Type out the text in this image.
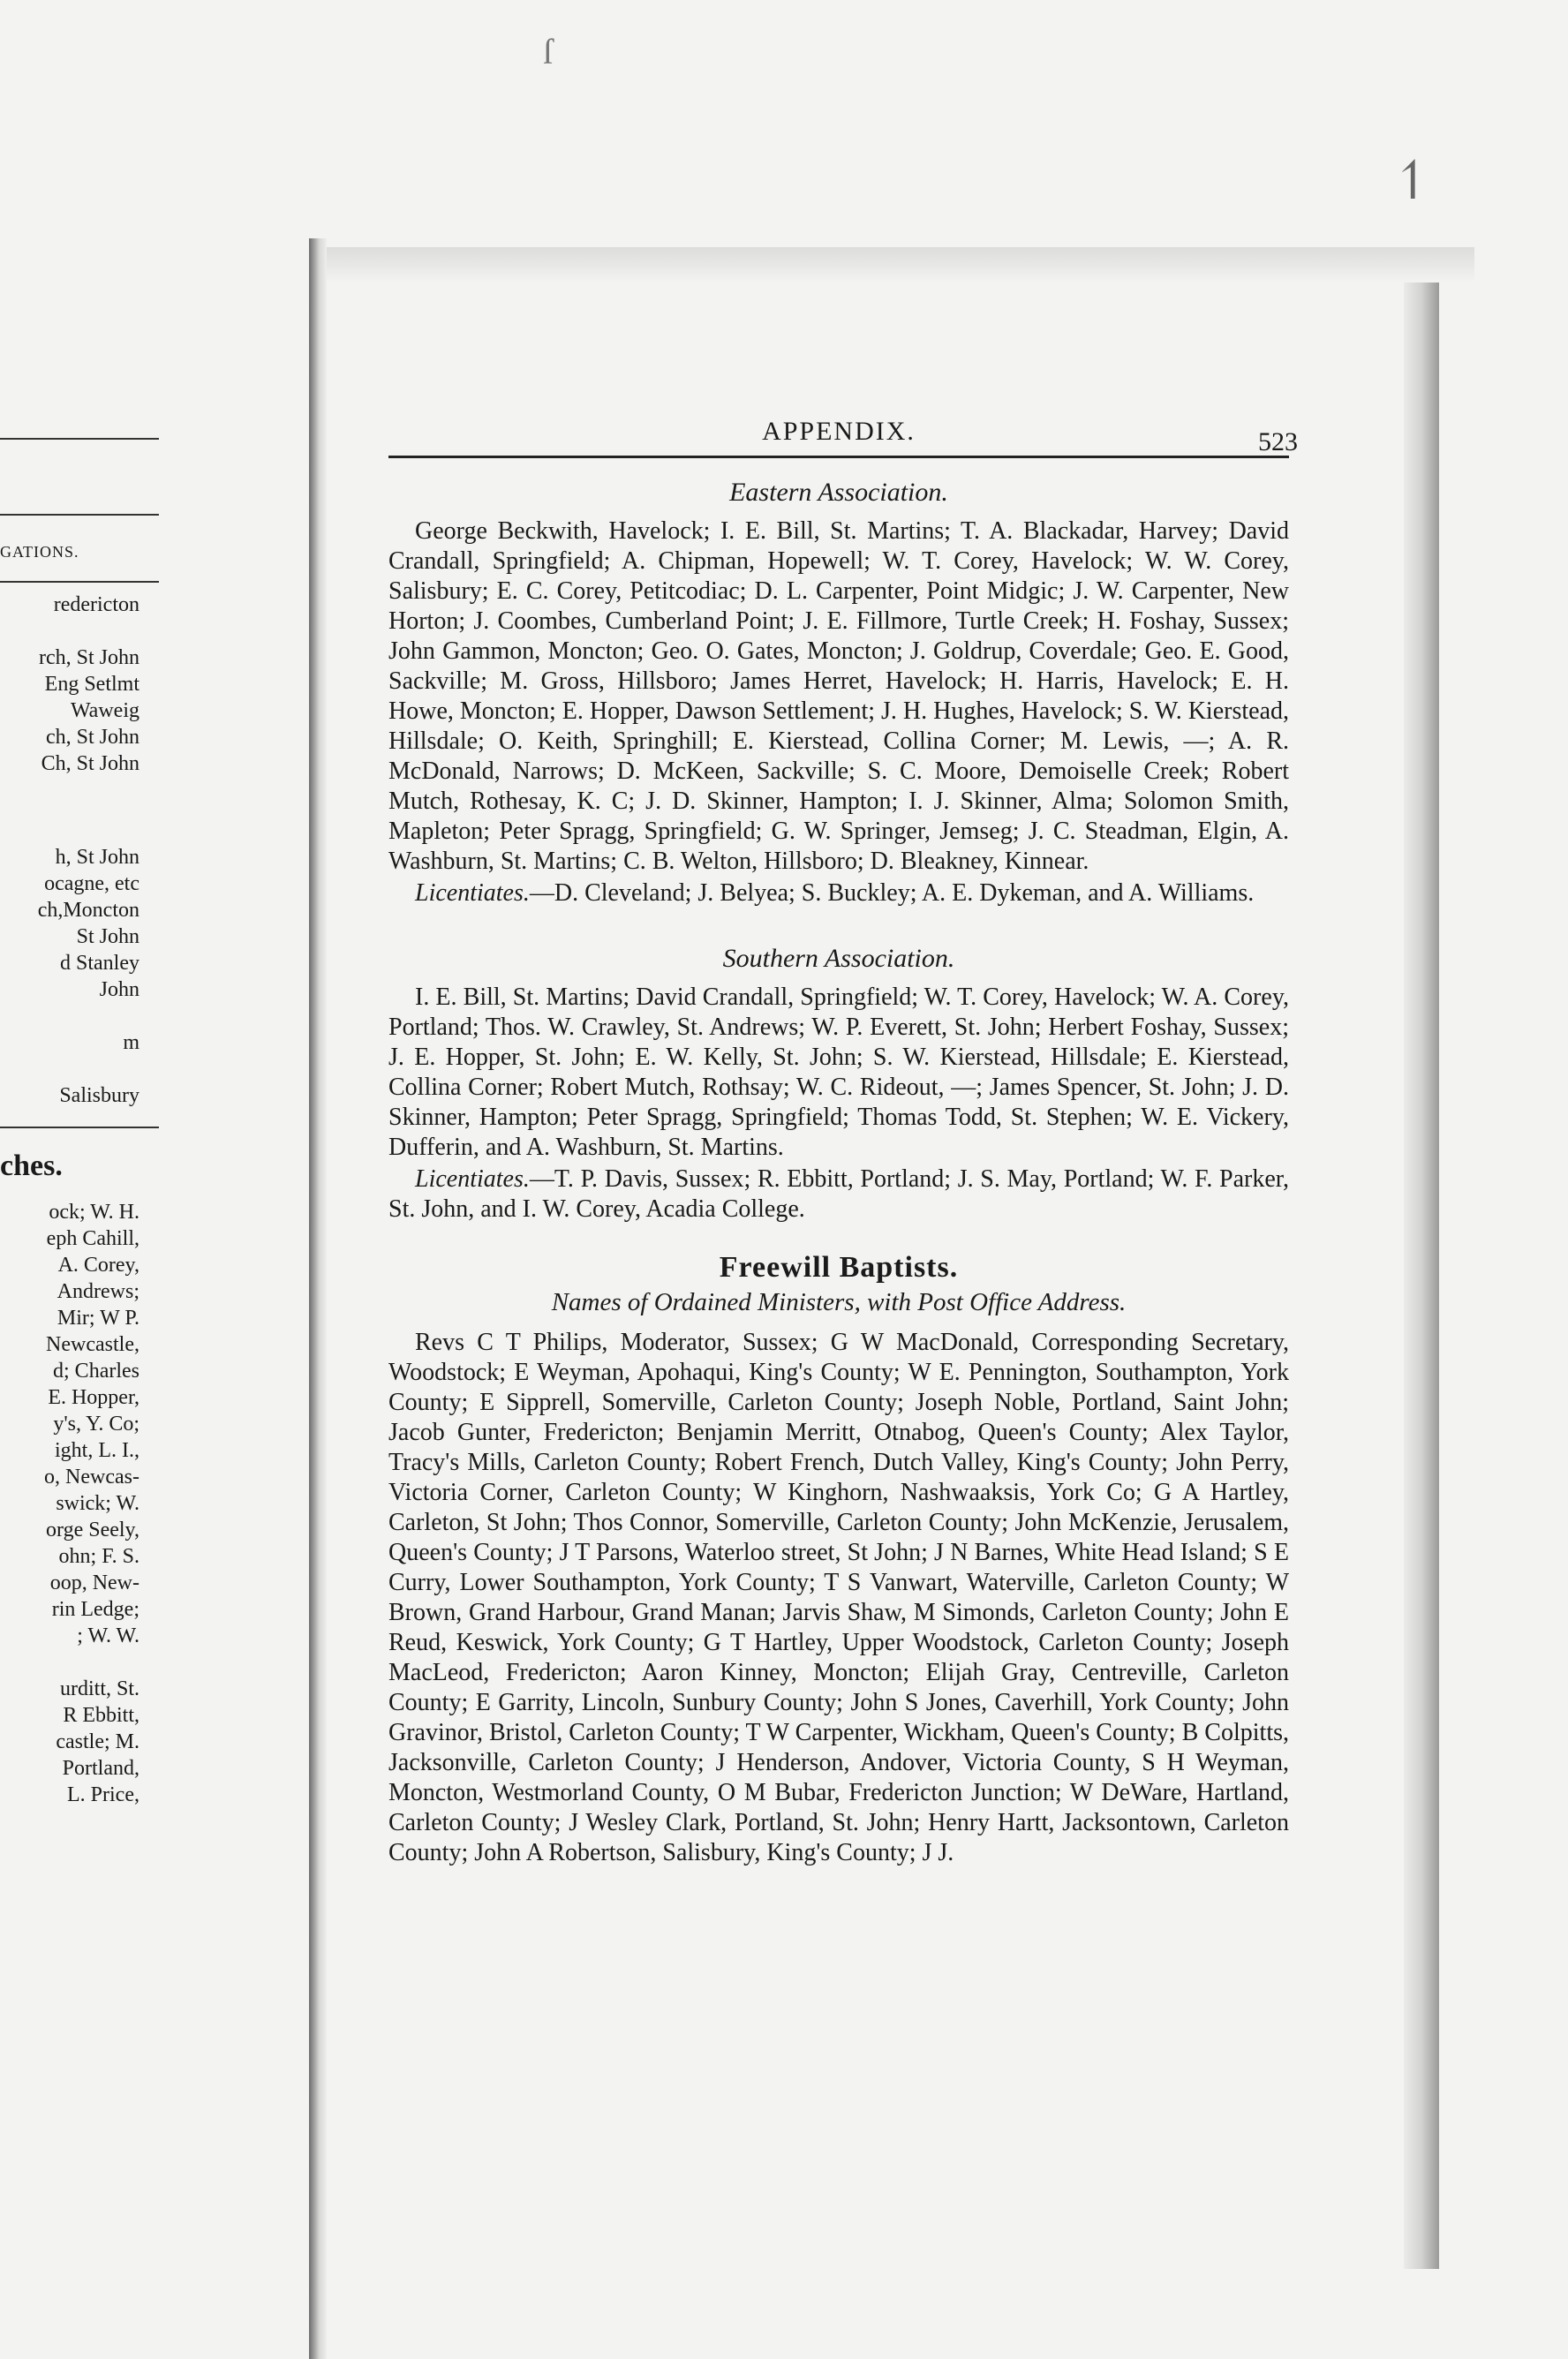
ſ
↿
GATIONS.
redericton

rch, St John
Eng Setlmt
Waweig
ch, St John
Ch, St John
h, St John
ocagne, etc
ch,Moncton
St John
d Stanley
John

m

Salisbury
ches.
ock; W. H.
eph Cahill,
A. Corey,
Andrews;
Mir; W P.
Newcastle,
d; Charles
E. Hopper,
y's, Y. Co;
ight, L. I.,
o, Newcas-
swick; W.
orge Seely,
ohn; F. S.
oop, New-
rin Ledge;
; W. W.

urditt, St.
R Ebbitt,
castle; M.
Portland,
L. Price,
APPENDIX.	523
Eastern Association.

George Beckwith, Havelock; I. E. Bill, St. Martins; T. A. Blackadar, Harvey; David Crandall, Springfield; A. Chipman, Hopewell; W. T. Corey, Havelock; W. W. Corey, Salisbury; E. C. Corey, Petitcodiac; D. L. Carpenter, Point Midgic; J. W. Carpenter, New Horton; J. Coombes, Cumberland Point; J. E. Fillmore, Turtle Creek; H. Foshay, Sussex; John Gammon, Moncton; Geo. O. Gates, Moncton; J. Goldrup, Coverdale; Geo. E. Good, Sackville; M. Gross, Hillsboro; James Herret, Havelock; H. Harris, Havelock; E. H. Howe, Moncton; E. Hopper, Dawson Settlement; J. H. Hughes, Havelock; S. W. Kierstead, Hillsdale; O. Keith, Springhill; E. Kierstead, Collina Corner; M. Lewis, —; A. R. McDonald, Narrows; D. McKeen, Sackville; S. C. Moore, Demoiselle Creek; Robert Mutch, Rothesay, K. C; J. D. Skinner, Hampton; I. J. Skinner, Alma; Solomon Smith, Mapleton; Peter Spragg, Springfield; G. W. Springer, Jemseg; J. C. Steadman, Elgin, A. Washburn, St. Martins; C. B. Welton, Hillsboro; D. Bleakney, Kinnear.

Licentiates.—D. Cleveland; J. Belyea; S. Buckley; A. E. Dykeman, and A. Williams.

Southern Association.

I. E. Bill, St. Martins; David Crandall, Springfield; W. T. Corey, Havelock; W. A. Corey, Portland; Thos. W. Crawley, St. Andrews; W. P. Everett, St. John; Herbert Foshay, Sussex; J. E. Hopper, St. John; E. W. Kelly, St. John; S. W. Kierstead, Hillsdale; E. Kierstead, Collina Corner; Robert Mutch, Rothsay; W. C. Rideout, —; James Spencer, St. John; J. D. Skinner, Hampton; Peter Spragg, Springfield; Thomas Todd, St. Stephen; W. E. Vickery, Dufferin, and A. Washburn, St. Martins.

Licentiates.—T. P. Davis, Sussex; R. Ebbitt, Portland; J. S. May, Portland; W. F. Parker, St. John, and I. W. Corey, Acadia College.

Freewill Baptists.
Names of Ordained Ministers, with Post Office Address.

Revs C T Philips, Moderator, Sussex; G W MacDonald, Corresponding Secretary, Woodstock; E Weyman, Apohaqui, King's County; W E. Pennington, Southampton, York County; E Sipprell, Somerville, Carleton County; Joseph Noble, Portland, Saint John; Jacob Gunter, Fredericton; Benjamin Merritt, Otnabog, Queen's County; Alex Taylor, Tracy's Mills, Carleton County; Robert French, Dutch Valley, King's County; John Perry, Victoria Corner, Carleton County; W Kinghorn, Nashwaaksis, York Co; G A Hartley, Carleton, St John; Thos Connor, Somerville, Carleton County; John McKenzie, Jerusalem, Queen's County; J T Parsons, Waterloo street, St John; J N Barnes, White Head Island; S E Curry, Lower Southampton, York County; T S Vanwart, Waterville, Carleton County; W Brown, Grand Harbour, Grand Manan; Jarvis Shaw, M Simonds, Carleton County; John E Reud, Keswick, York County; G T Hartley, Upper Woodstock, Carleton County; Joseph MacLeod, Fredericton; Aaron Kinney, Moncton; Elijah Gray, Centreville, Carleton County; E Garrity, Lincoln, Sunbury County; John S Jones, Caverhill, York County; John Gravinor, Bristol, Carleton County; T W Carpenter, Wickham, Queen's County; B Colpitts, Jacksonville, Carleton County; J Henderson, Andover, Victoria County, S H Weyman, Moncton, Westmorland County, O M Bubar, Fredericton Junction; W DeWare, Hartland, Carleton County; J Wesley Clark, Portland, St. John; Henry Hartt, Jacksontown, Carleton County; John A Robertson, Salisbury, King's County; J J.
